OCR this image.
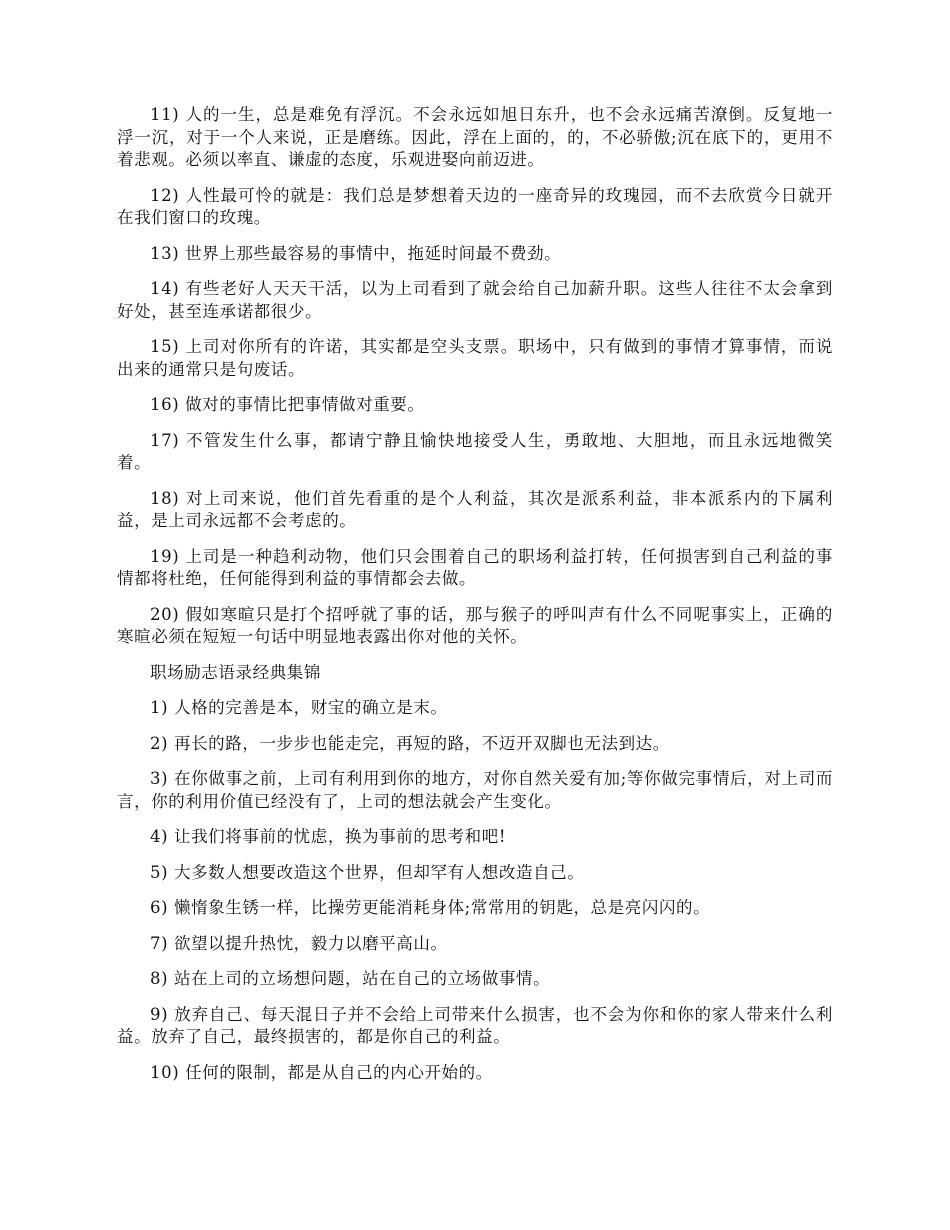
11) 人的一生，总是难免有浮沉。不会永远如旭日东升，也不会永远痛苦潦倒。反复地一浮一沉，对于一个人来说，正是磨练。因此，浮在上面的，的，不必骄傲;沉在底下的，更用不着悲观。必须以率直、谦虚的态度，乐观进娶向前迈进。

12) 人性最可怜的就是：我们总是梦想着天边的一座奇异的玫瑰园，而不去欣赏今日就开在我们窗口的玫瑰。

13) 世界上那些最容易的事情中，拖延时间最不费劲。

14) 有些老好人天天干活，以为上司看到了就会给自己加薪升职。这些人往往不太会拿到好处，甚至连承诺都很少。

15) 上司对你所有的许诺，其实都是空头支票。职场中，只有做到的事情才算事情，而说出来的通常只是句废话。

16) 做对的事情比把事情做对重要。

17) 不管发生什么事，都请宁静且愉快地接受人生，勇敢地、大胆地，而且永远地微笑着。

18) 对上司来说，他们首先看重的是个人利益，其次是派系利益，非本派系内的下属利益，是上司永远都不会考虑的。

19) 上司是一种趋利动物，他们只会围着自己的职场利益打转，任何损害到自己利益的事情都将杜绝，任何能得到利益的事情都会去做。

20) 假如寒暄只是打个招呼就了事的话，那与猴子的呼叫声有什么不同呢事实上，正确的寒暄必须在短短一句话中明显地表露出你对他的关怀。

职场励志语录经典集锦

1) 人格的完善是本，财宝的确立是末。

2) 再长的路，一步步也能走完，再短的路，不迈开双脚也无法到达。

3) 在你做事之前，上司有利用到你的地方，对你自然关爱有加;等你做完事情后，对上司而言，你的利用价值已经没有了，上司的想法就会产生变化。

4) 让我们将事前的忧虑，换为事前的思考和吧!

5) 大多数人想要改造这个世界，但却罕有人想改造自己。

6) 懒惰象生锈一样，比操劳更能消耗身体;常常用的钥匙，总是亮闪闪的。

7) 欲望以提升热忱，毅力以磨平高山。

8) 站在上司的立场想问题，站在自己的立场做事情。

9) 放弃自己、每天混日子并不会给上司带来什么损害，也不会为你和你的家人带来什么利益。放弃了自己，最终损害的，都是你自己的利益。

10) 任何的限制，都是从自己的内心开始的。
